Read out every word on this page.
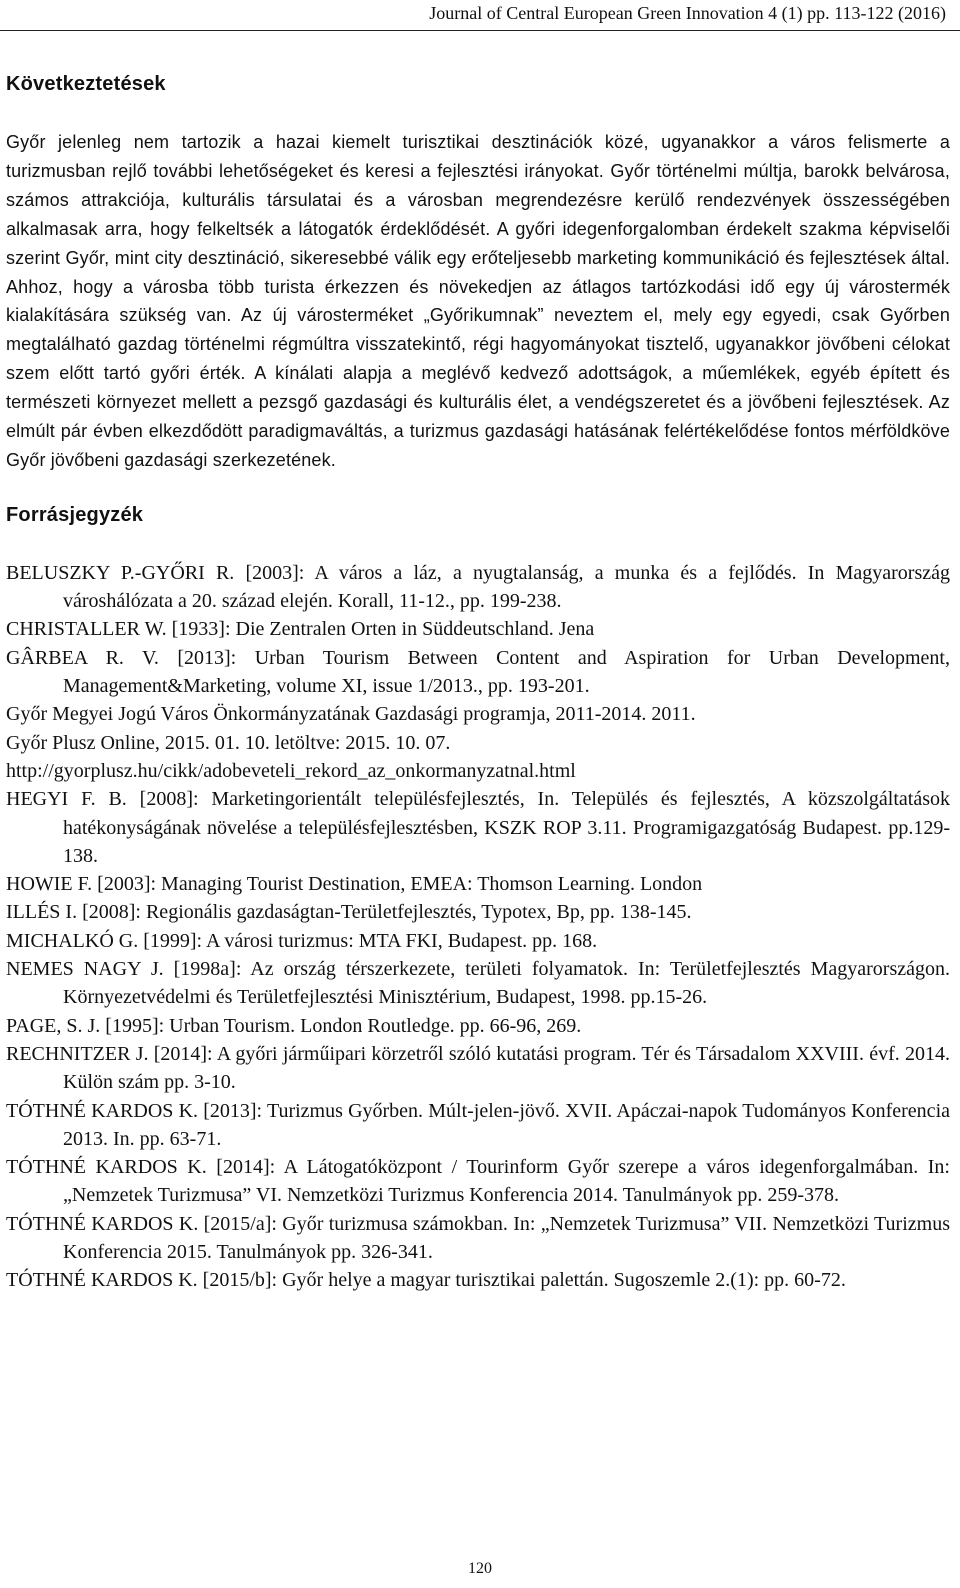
Journal of Central European Green Innovation 4 (1) pp. 113-122 (2016)
Következtetések

Győr jelenleg nem tartozik a hazai kiemelt turisztikai desztinációk közé, ugyanakkor a város felismerte a turizmusban rejlő további lehetőségeket és keresi a fejlesztési irányokat. Győr történelmi múltja, barokk belvárosa, számos attrakciója, kulturális társulatai és a városban megrendezésre kerülő rendezvények összességében alkalmasak arra, hogy felkeltsék a látogatók érdeklődését. A győri idegenforgalomban érdekelt szakma képviselői szerint Győr, mint city desztináció, sikeresebbé válik egy erőteljesebb marketing kommunikáció és fejlesztések által. Ahhoz, hogy a városba több turista érkezzen és növekedjen az átlagos tartózkodási idő egy új várostermék kialakítására szükség van. Az új városterméket „Győrikumnak” neveztem el, mely egy egyedi, csak Győrben megtalálható gazdag történelmi régmúltra visszatekintő, régi hagyományokat tisztelő, ugyanakkor jövőbeni célokat szem előtt tartó győri érték. A kínálati alapja a meglévő kedvező adottságok, a műemlékek, egyéb épített és természeti környezet mellett a pezsgő gazdasági és kulturális élet, a vendégszeretet és a jövőbeni fejlesztések. Az elmúlt pár évben elkezdődött paradigmaváltás, a turizmus gazdasági hatásának felértékelődése fontos mérföldköve Győr jövőbeni gazdasági szerkezetének.

Forrásjegyzék
BELUSZKY P.-GYŐRI R. [2003]: A város a láz, a nyugtalanság, a munka és a fejlődés. In Magyarország városhálózata a 20. század elején. Korall, 11-12., pp. 199-238.
CHRISTALLER W. [1933]: Die Zentralen Orten in Süddeutschland. Jena
GÂRBEA R. V. [2013]: Urban Tourism Between Content and Aspiration for Urban Development, Management&Marketing, volume XI, issue 1/2013., pp. 193-201.
Győr Megyei Jogú Város Önkormányzatának Gazdasági programja, 2011-2014. 2011.
Győr Plusz Online, 2015. 01. 10. letöltve: 2015. 10. 07.
http://gyorplusz.hu/cikk/adobeveteli_rekord_az_onkormanyzatnal.html
HEGYI F. B. [2008]: Marketingorientált településfejlesztés, In. Település és fejlesztés, A közszolgáltatások hatékonyságának növelése a településfejlesztésben, KSZK ROP 3.11. Programigazgatóság Budapest. pp.129-138.
HOWIE F. [2003]: Managing Tourist Destination, EMEA: Thomson Learning. London
ILLÉS I. [2008]: Regionális gazdaságtan-Területfejlesztés, Typotex, Bp, pp. 138-145.
MICHALKÓ G. [1999]: A városi turizmus: MTA FKI, Budapest. pp. 168.
NEMES NAGY J. [1998a]: Az ország térszerkezete, területi folyamatok. In: Területfejlesztés Magyarországon. Környezetvédelmi és Területfejlesztési Minisztérium, Budapest, 1998. pp.15-26.
PAGE, S. J. [1995]: Urban Tourism. London Routledge. pp. 66-96, 269.
RECHNITZER J. [2014]: A győri járműipari körzetről szóló kutatási program. Tér és Társadalom XXVIII. évf. 2014. Külön szám pp. 3-10.
TÓTHNÉ KARDOS K. [2013]: Turizmus Győrben. Múlt-jelen-jövő. XVII. Apáczai-napok Tudományos Konferencia 2013. In. pp. 63-71.
TÓTHNÉ KARDOS K. [2014]: A Látogatóközpont / Tourinform Győr szerepe a város idegenforgalmában. In: „Nemzetek Turizmusa” VI. Nemzetközi Turizmus Konferencia 2014. Tanulmányok pp. 259-378.
TÓTHNÉ KARDOS K. [2015/a]: Győr turizmusa számokban. In: „Nemzetek Turizmusa” VII. Nemzetközi Turizmus Konferencia 2015. Tanulmányok pp. 326-341.
TÓTHNÉ KARDOS K. [2015/b]: Győr helye a magyar turisztikai palettán. Sugoszemle 2.(1): pp. 60-72.
120
